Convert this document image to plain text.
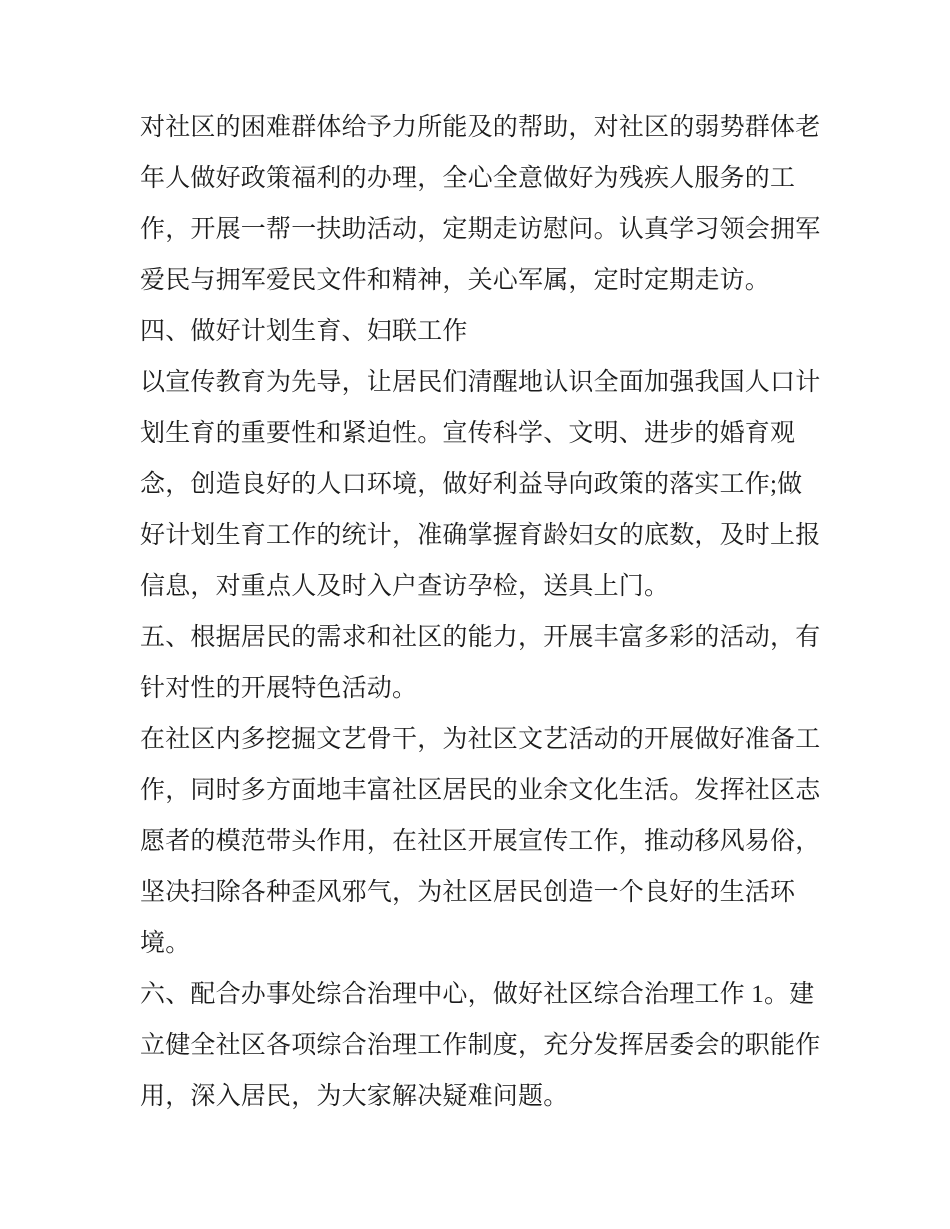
对社区的困难群体给予力所能及的帮助，对社区的弱势群体老
年人做好政策福利的办理，全心全意做好为残疾人服务的工
作，开展一帮一扶助活动，定期走访慰问。认真学习领会拥军
爱民与拥军爱民文件和精神，关心军属，定时定期走访。
四、做好计划生育、妇联工作
以宣传教育为先导，让居民们清醒地认识全面加强我国人口计
划生育的重要性和紧迫性。宣传科学、文明、进步的婚育观
念，创造良好的人口环境，做好利益导向政策的落实工作;做
好计划生育工作的统计，准确掌握育龄妇女的底数，及时上报
信息，对重点人及时入户查访孕检，送具上门。
五、根据居民的需求和社区的能力，开展丰富多彩的活动，有
针对性的开展特色活动。
在社区内多挖掘文艺骨干，为社区文艺活动的开展做好准备工
作，同时多方面地丰富社区居民的业余文化生活。发挥社区志
愿者的模范带头作用，在社区开展宣传工作，推动移风易俗，
坚决扫除各种歪风邪气，为社区居民创造一个良好的生活环
境。
六、配合办事处综合治理中心，做好社区综合治理工作 1。建
立健全社区各项综合治理工作制度，充分发挥居委会的职能作
用，深入居民，为大家解决疑难问题。
